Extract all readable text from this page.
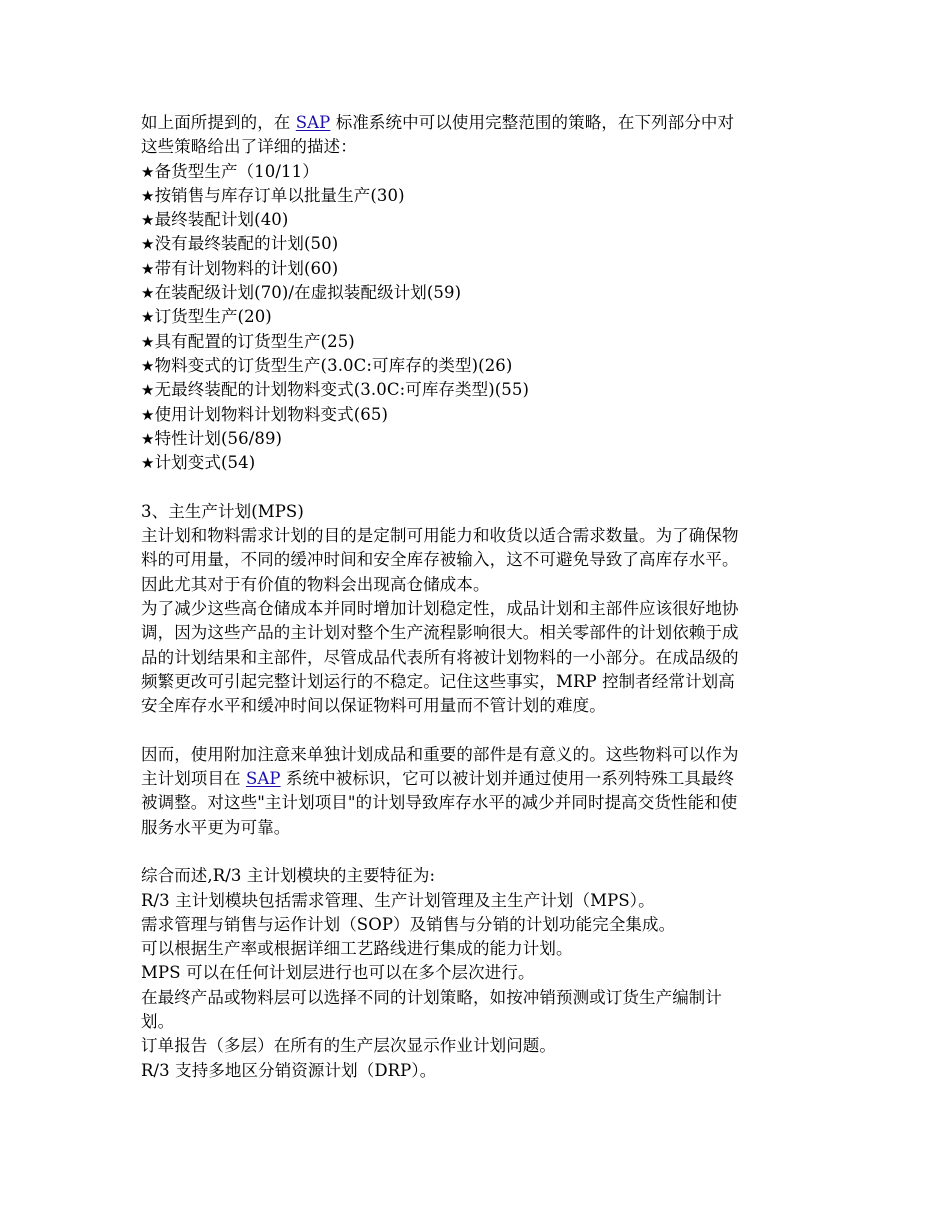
如上面所提到的，在 SAP 标准系统中可以使用完整范围的策略，在下列部分中对
这些策略给出了详细的描述：
★备货型生产（10/11）
★按销售与库存订单以批量生产(30)
★最终装配计划(40)
★没有最终装配的计划(50)
★带有计划物料的计划(60)
★在装配级计划(70)/在虚拟装配级计划(59)
★订货型生产(20)
★具有配置的订货型生产(25)
★物料变式的订货型生产(3.0C:可库存的类型)(26)
★无最终装配的计划物料变式(3.0C:可库存类型)(55)
★使用计划物料计划物料变式(65)
★特性计划(56/89)
★计划变式(54)
3、主生产计划(MPS)
主计划和物料需求计划的目的是定制可用能力和收货以适合需求数量。为了确保物
料的可用量，不同的缓冲时间和安全库存被输入，这不可避免导致了高库存水平。
因此尤其对于有价值的物料会出现高仓储成本。
为了减少这些高仓储成本并同时增加计划稳定性，成品计划和主部件应该很好地协
调，因为这些产品的主计划对整个生产流程影响很大。相关零部件的计划依赖于成
品的计划结果和主部件，尽管成品代表所有将被计划物料的一小部分。在成品级的
频繁更改可引起完整计划运行的不稳定。记住这些事实，MRP 控制者经常计划高
安全库存水平和缓冲时间以保证物料可用量而不管计划的难度。
因而，使用附加注意来单独计划成品和重要的部件是有意义的。这些物料可以作为
主计划项目在 SAP 系统中被标识，它可以被计划并通过使用一系列特殊工具最终
被调整。对这些"主计划项目"的计划导致库存水平的减少并同时提高交货性能和使
服务水平更为可靠。
综合而述,R/3 主计划模块的主要特征为:
R/3 主计划模块包括需求管理、生产计划管理及主生产计划（MPS）。
需求管理与销售与运作计划（SOP）及销售与分销的计划功能完全集成。
可以根据生产率或根据详细工艺路线进行集成的能力计划。
MPS 可以在任何计划层进行也可以在多个层次进行。
在最终产品或物料层可以选择不同的计划策略，如按冲销预测或订货生产编制计
划。
订单报告（多层）在所有的生产层次显示作业计划问题。
R/3 支持多地区分销资源计划（DRP）。
